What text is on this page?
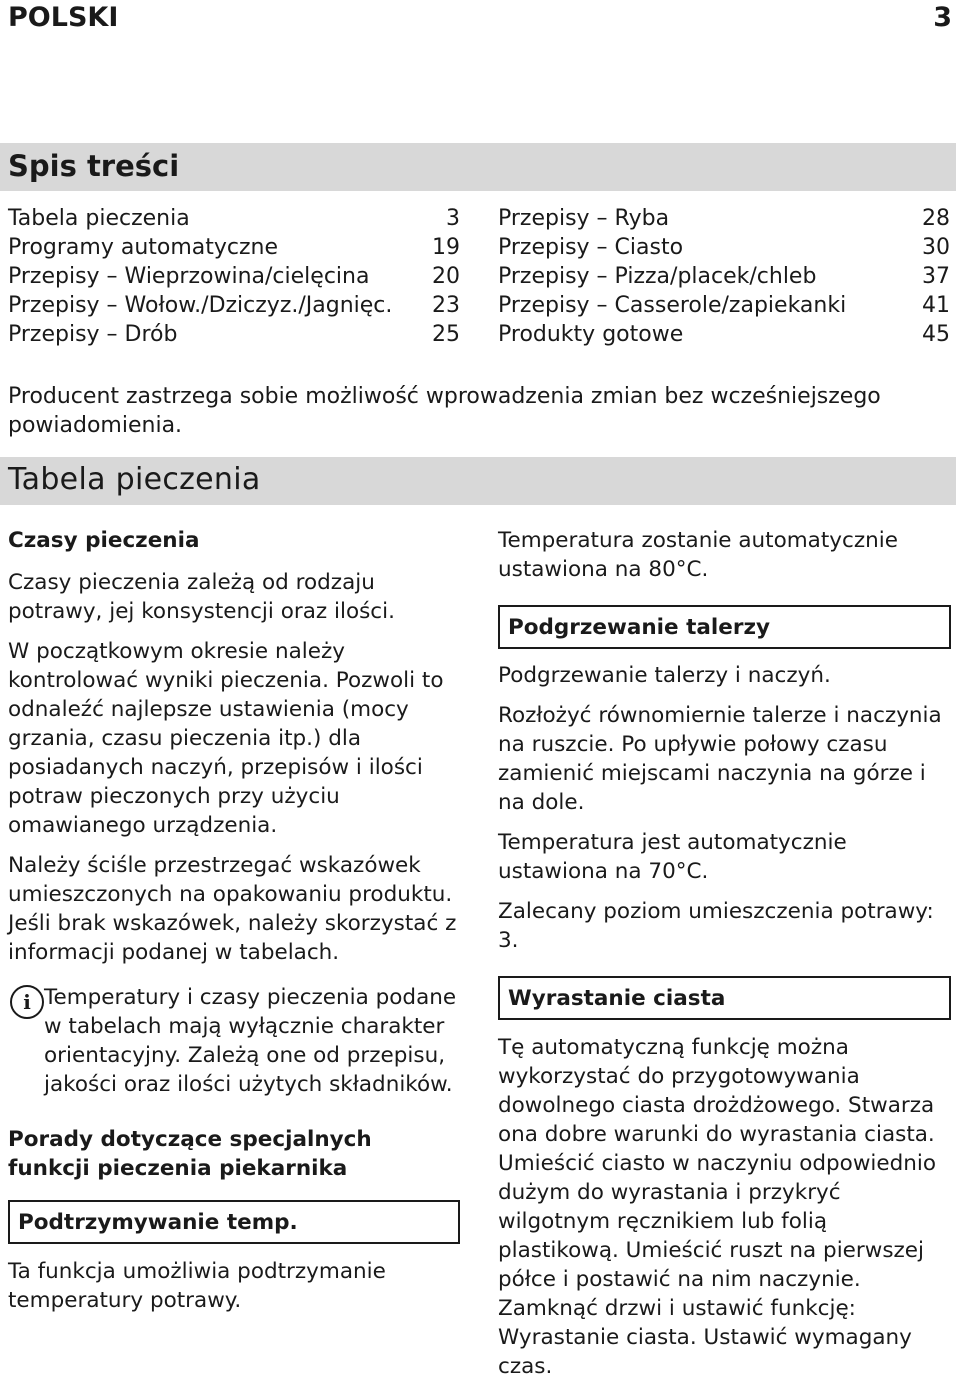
POLSKI	3
Spis treści
Tabela pieczenia	3
Programy automatyczne	19
Przepisy – Wieprzowina/cielęcina	20
Przepisy – Wołow./Dziczyz./Jagnięc. 23
Przepisy – Drób	25
Przepisy – Ryba	28
Przepisy – Ciasto	30
Przepisy – Pizza/placek/chleb	37
Przepisy – Casserole/zapiekanki	41
Produkty gotowe	45
Producent zastrzega sobie możliwość wprowadzenia zmian bez wcześniejszego powiadomienia.
Tabela pieczenia

Czasy pieczenia

Czasy pieczenia zależą od rodzaju potrawy, jej konsystencji oraz ilości.

W początkowym okresie należy kontrolować wyniki pieczenia. Pozwoli to odnaleźć najlepsze ustawienia (mocy grzania, czasu pieczenia itp.) dla posiadanych naczyń, przepisów i ilości potraw pieczonych przy użyciu omawianego urządzenia.

Należy ściśle przestrzegać wskazówek umieszczonych na opakowaniu produktu. Jeśli brak wskazówek, należy skorzystać z informacji podanej w tabelach.

i Temperatury i czasy pieczenia podane w tabelach mają wyłącznie charakter orientacyjny. Zależą one od przepisu, jakości oraz ilości użytych składników.

Porady dotyczące specjalnych funkcji pieczenia piekarnika

Podtrzymywanie temp.

Ta funkcja umożliwia podtrzymanie temperatury potrawy.

Temperatura zostanie automatycznie ustawiona na 80°C.

Podgrzewanie talerzy

Podgrzewanie talerzy i naczyń.

Rozłożyć równomiernie talerze i naczynia na ruszcie. Po upływie połowy czasu zamienić miejscami naczynia na górze i na dole.

Temperatura jest automatycznie ustawiona na 70°C.

Zalecany poziom umieszczenia potrawy: 3.

Wyrastanie ciasta

Tę automatyczną funkcję można wykorzystać do przygotowywania dowolnego ciasta drożdżowego. Stwarza ona dobre warunki do wyrastania ciasta. Umieścić ciasto w naczyniu odpowiednio dużym do wyrastania i przykryć wilgotnym ręcznikiem lub folią plastikową. Umieścić ruszt na pierwszej półce i postawić na nim naczynie. Zamknąć drzwi i ustawić funkcję: Wyrastanie ciasta. Ustawić wymagany czas.
